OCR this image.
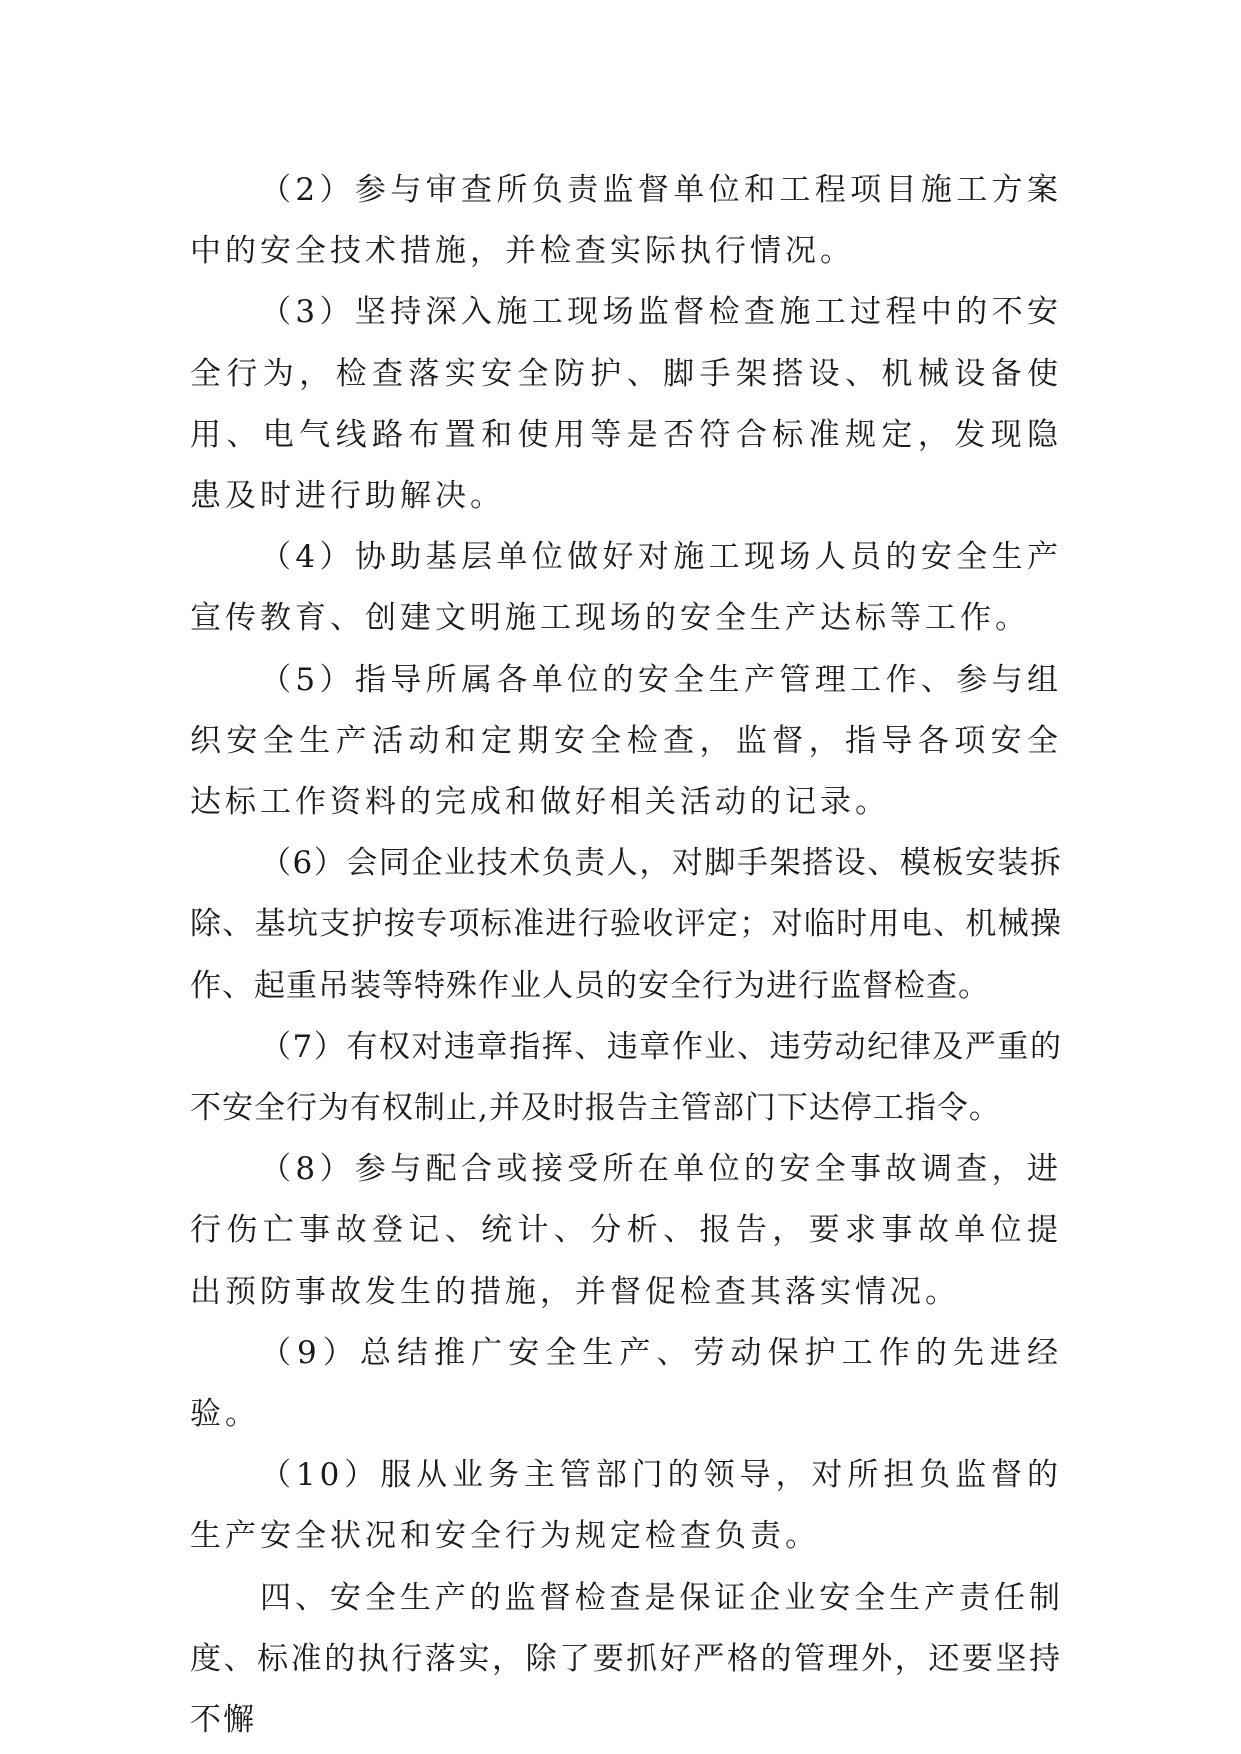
（2）参与审查所负责监督单位和工程项目施工方案中的安全技术措施，并检查实际执行情况。

（3）坚持深入施工现场监督检查施工过程中的不安全行为，检查落实安全防护、脚手架搭设、机械设备使用、电气线路布置和使用等是否符合标准规定，发现隐患及时进行助解决。

（4）协助基层单位做好对施工现场人员的安全生产宣传教育、创建文明施工现场的安全生产达标等工作。

（5）指导所属各单位的安全生产管理工作、参与组织安全生产活动和定期安全检查，监督，指导各项安全达标工作资料的完成和做好相关活动的记录。

（6）会同企业技术负责人，对脚手架搭设、模板安装拆除、基坑支护按专项标准进行验收评定；对临时用电、机械操作、起重吊装等特殊作业人员的安全行为进行监督检查。

（7）有权对违章指挥、违章作业、违劳动纪律及严重的不安全行为有权制止,并及时报告主管部门下达停工指令。

（8）参与配合或接受所在单位的安全事故调查，进行伤亡事故登记、统计、分析、报告，要求事故单位提出预防事故发生的措施，并督促检查其落实情况。

（9）总结推广安全生产、劳动保护工作的先进经验。

（10）服从业务主管部门的领导，对所担负监督的生产安全状况和安全行为规定检查负责。

四、安全生产的监督检查是保证企业安全生产责任制度、标准的执行落实，除了要抓好严格的管理外，还要坚持不懈
